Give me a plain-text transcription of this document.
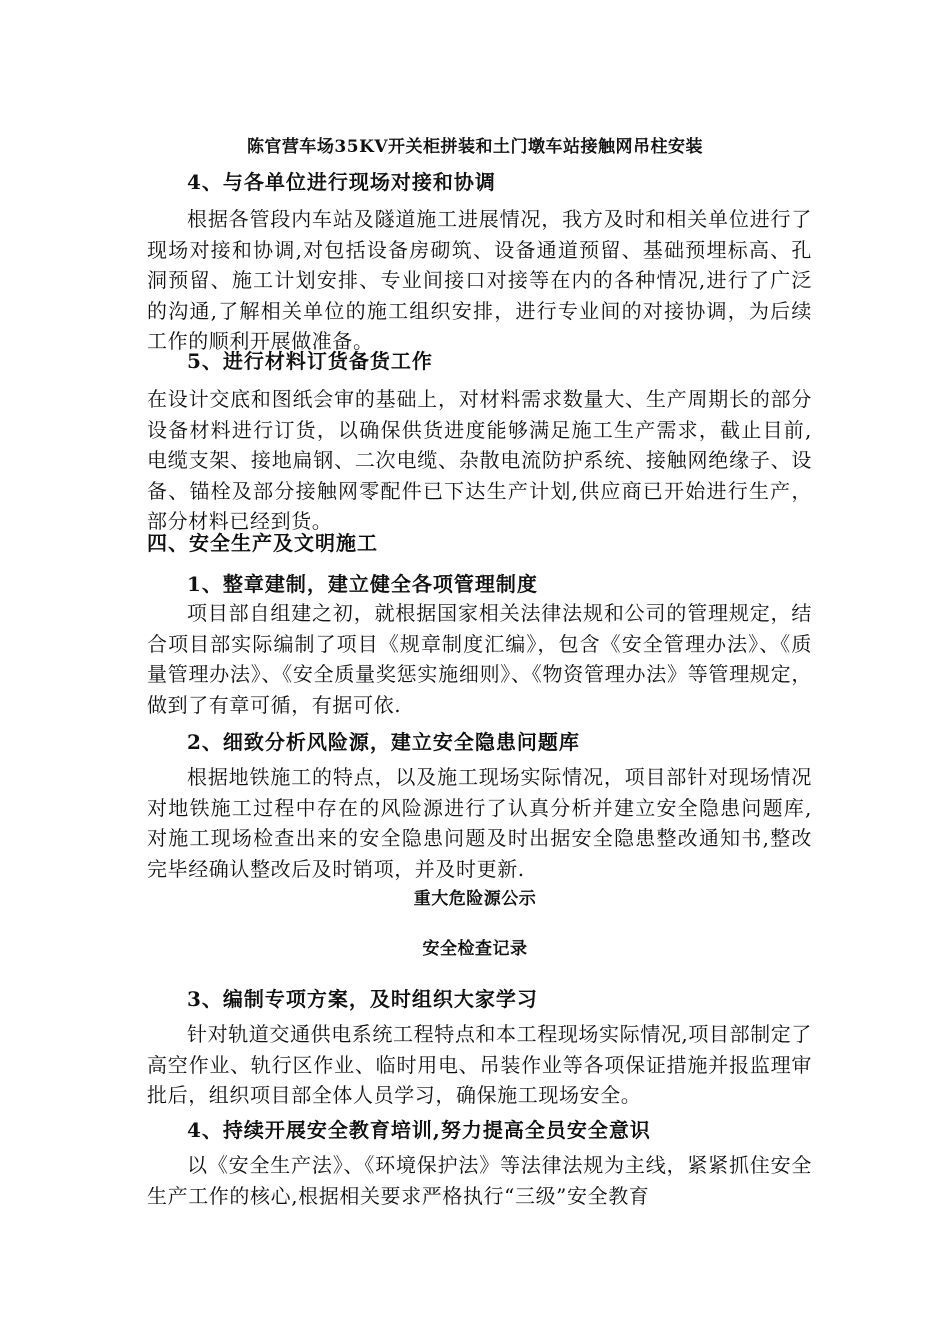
陈官营车场35KV开关柜拼装和土门墩车站接触网吊柱安装
4、与各单位进行现场对接和协调
根据各管段内车站及隧道施工进展情况，我方及时和相关单位进行了现场对接和协调,对包括设备房砌筑、设备通道预留、基础预埋标高、孔洞预留、施工计划安排、专业间接口对接等在内的各种情况,进行了广泛的沟通,了解相关单位的施工组织安排，进行专业间的对接协调，为后续工作的顺利开展做准备。
5、进行材料订货备货工作
在设计交底和图纸会审的基础上，对材料需求数量大、生产周期长的部分设备材料进行订货，以确保供货进度能够满足施工生产需求，截止目前,电缆支架、接地扁钢、二次电缆、杂散电流防护系统、接触网绝缘子、设备、锚栓及部分接触网零配件已下达生产计划,供应商已开始进行生产，部分材料已经到货。
四、安全生产及文明施工
1、整章建制，建立健全各项管理制度
项目部自组建之初，就根据国家相关法律法规和公司的管理规定，结合项目部实际编制了项目《规章制度汇编》，包含《安全管理办法》、《质量管理办法》、《安全质量奖惩实施细则》、《物资管理办法》等管理规定，做到了有章可循，有据可依.
2、细致分析风险源，建立安全隐患问题库
根据地铁施工的特点，以及施工现场实际情况，项目部针对现场情况对地铁施工过程中存在的风险源进行了认真分析并建立安全隐患问题库,对施工现场检查出来的安全隐患问题及时出据安全隐患整改通知书,整改完毕经确认整改后及时销项，并及时更新.
重大危险源公示
安全检查记录
3、编制专项方案，及时组织大家学习
针对轨道交通供电系统工程特点和本工程现场实际情况,项目部制定了高空作业、轨行区作业、临时用电、吊装作业等各项保证措施并报监理审批后，组织项目部全体人员学习，确保施工现场安全。
4、持续开展安全教育培训,努力提高全员安全意识
以《安全生产法》、《环境保护法》等法律法规为主线，紧紧抓住安全生产工作的核心,根据相关要求严格执行“三级”安全教育
